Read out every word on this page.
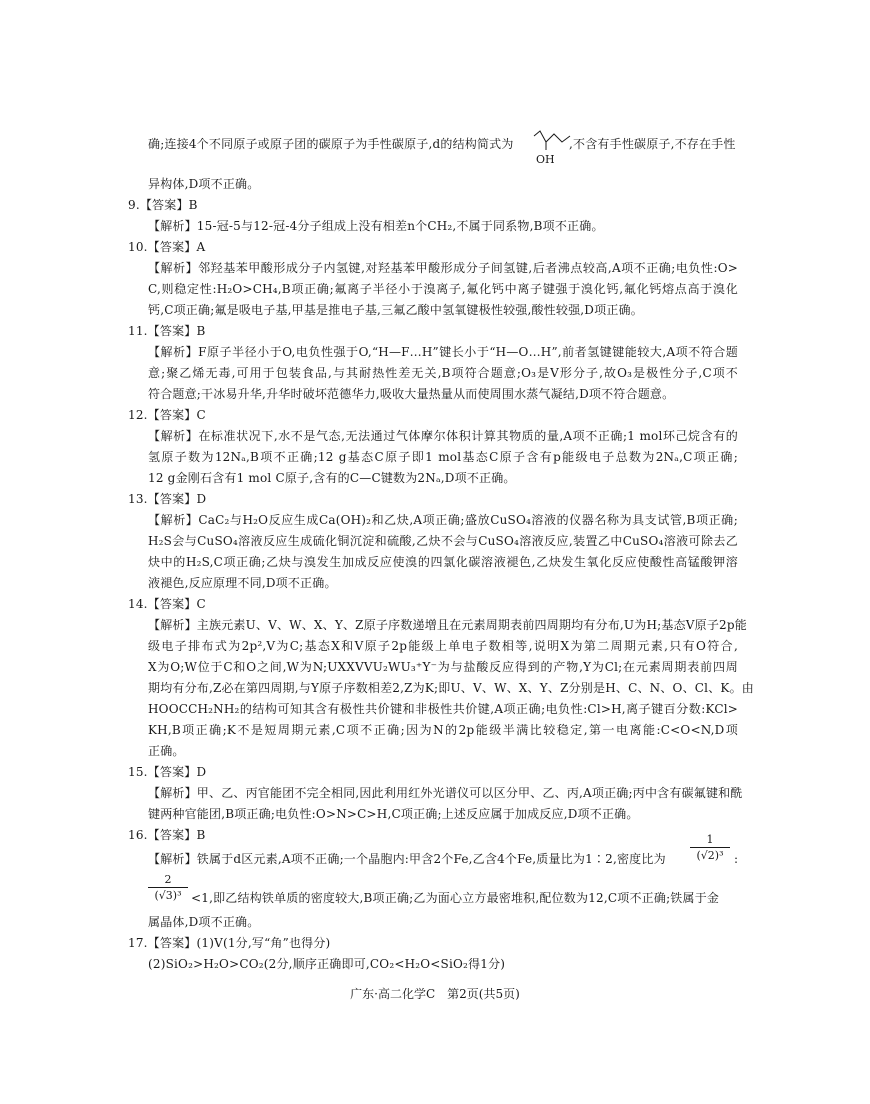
确;连接4个不同原子或原子团的碳原子为手性碳原子,d的结构简式为
OH
,不含有手性碳原子,不存在手性
异构体,D项不正确。
9.【答案】B
【解析】15-冠-5与12-冠-4分子组成上没有相差n个CH₂,不属于同系物,B项不正确。
10.【答案】A
【解析】邻羟基苯甲酸形成分子内氢键,对羟基苯甲酸形成分子间氢键,后者沸点较高,A项不正确;电负性:O>
C,则稳定性:H₂O>CH₄,B项正确;氟离子半径小于溴离子,氟化钙中离子键强于溴化钙,氟化钙熔点高于溴化
钙,C项正确;氟是吸电子基,甲基是推电子基,三氟乙酸中氢氧键极性较强,酸性较强,D项正确。
11.【答案】B
【解析】F原子半径小于O,电负性强于O,“H—F…H”键长小于“H—O…H”,前者氢键键能较大,A项不符合题
意;聚乙烯无毒,可用于包装食品,与其耐热性差无关,B项符合题意;O₃是V形分子,故O₃是极性分子,C项不
符合题意;干冰易升华,升华时破坏范德华力,吸收大量热量从而使周围水蒸气凝结,D项不符合题意。
12.【答案】C
【解析】在标准状况下,水不是气态,无法通过气体摩尔体积计算其物质的量,A项不正确;1 mol环己烷含有的
氢原子数为12Nₐ,B项不正确;12 g基态C原子即1 mol基态C原子含有p能级电子总数为2Nₐ,C项正确;
12 g金刚石含有1 mol C原子,含有的C—C键数为2Nₐ,D项不正确。
13.【答案】D
【解析】CaC₂与H₂O反应生成Ca(OH)₂和乙炔,A项正确;盛放CuSO₄溶液的仪器名称为具支试管,B项正确;
H₂S会与CuSO₄溶液反应生成硫化铜沉淀和硫酸,乙炔不会与CuSO₄溶液反应,装置乙中CuSO₄溶液可除去乙
炔中的H₂S,C项正确;乙炔与溴发生加成反应使溴的四氯化碳溶液褪色,乙炔发生氧化反应使酸性高锰酸钾溶
液褪色,反应原理不同,D项不正确。
14.【答案】C
【解析】主族元素U、V、W、X、Y、Z原子序数递增且在元素周期表前四周期均有分布,U为H;基态V原子2p能
级电子排布式为2p²,V为C;基态X和V原子2p能级上单电子数相等,说明X为第二周期元素,只有O符合,
X为O;W位于C和O之间,W为N;UXXVVU₂WU₃⁺Y⁻为与盐酸反应得到的产物,Y为Cl;在元素周期表前四周
期均有分布,Z必在第四周期,与Y原子序数相差2,Z为K;即U、V、W、X、Y、Z分别是H、C、N、O、Cl、K。由
HOOCCH₂NH₂的结构可知其含有极性共价键和非极性共价键,A项正确;电负性:Cl>H,离子键百分数:KCl>
KH,B项正确;K不是短周期元素,C项不正确;因为N的2p能级半满比较稳定,第一电离能:C<O<N,D项
正确。
15.【答案】D
【解析】甲、乙、丙官能团不完全相同,因此利用红外光谱仪可以区分甲、乙、丙,A项正确;丙中含有碳氟键和酰
键两种官能团,B项正确;电负性:O>N>C>H,C项正确;上述反应属于加成反应,D项不正确。
16.【答案】B
【解析】铁属于d区元素,A项不正确;一个晶胞内:甲含2个Fe,乙含4个Fe,质量比为1∶2,密度比为
1
(√2)³ :
2
(√3)³ <1,即乙结构铁单质的密度较大,B项正确;乙为面心立方最密堆积,配位数为12,C项不正确;铁属于金
属晶体,D项不正确。
17.【答案】(1)V(1分,写“角”也得分)
(2)SiO₂>H₂O>CO₂(2分,顺序正确即可,CO₂<H₂O<SiO₂得1分)
广东·高二化学C　第2页(共5页)
